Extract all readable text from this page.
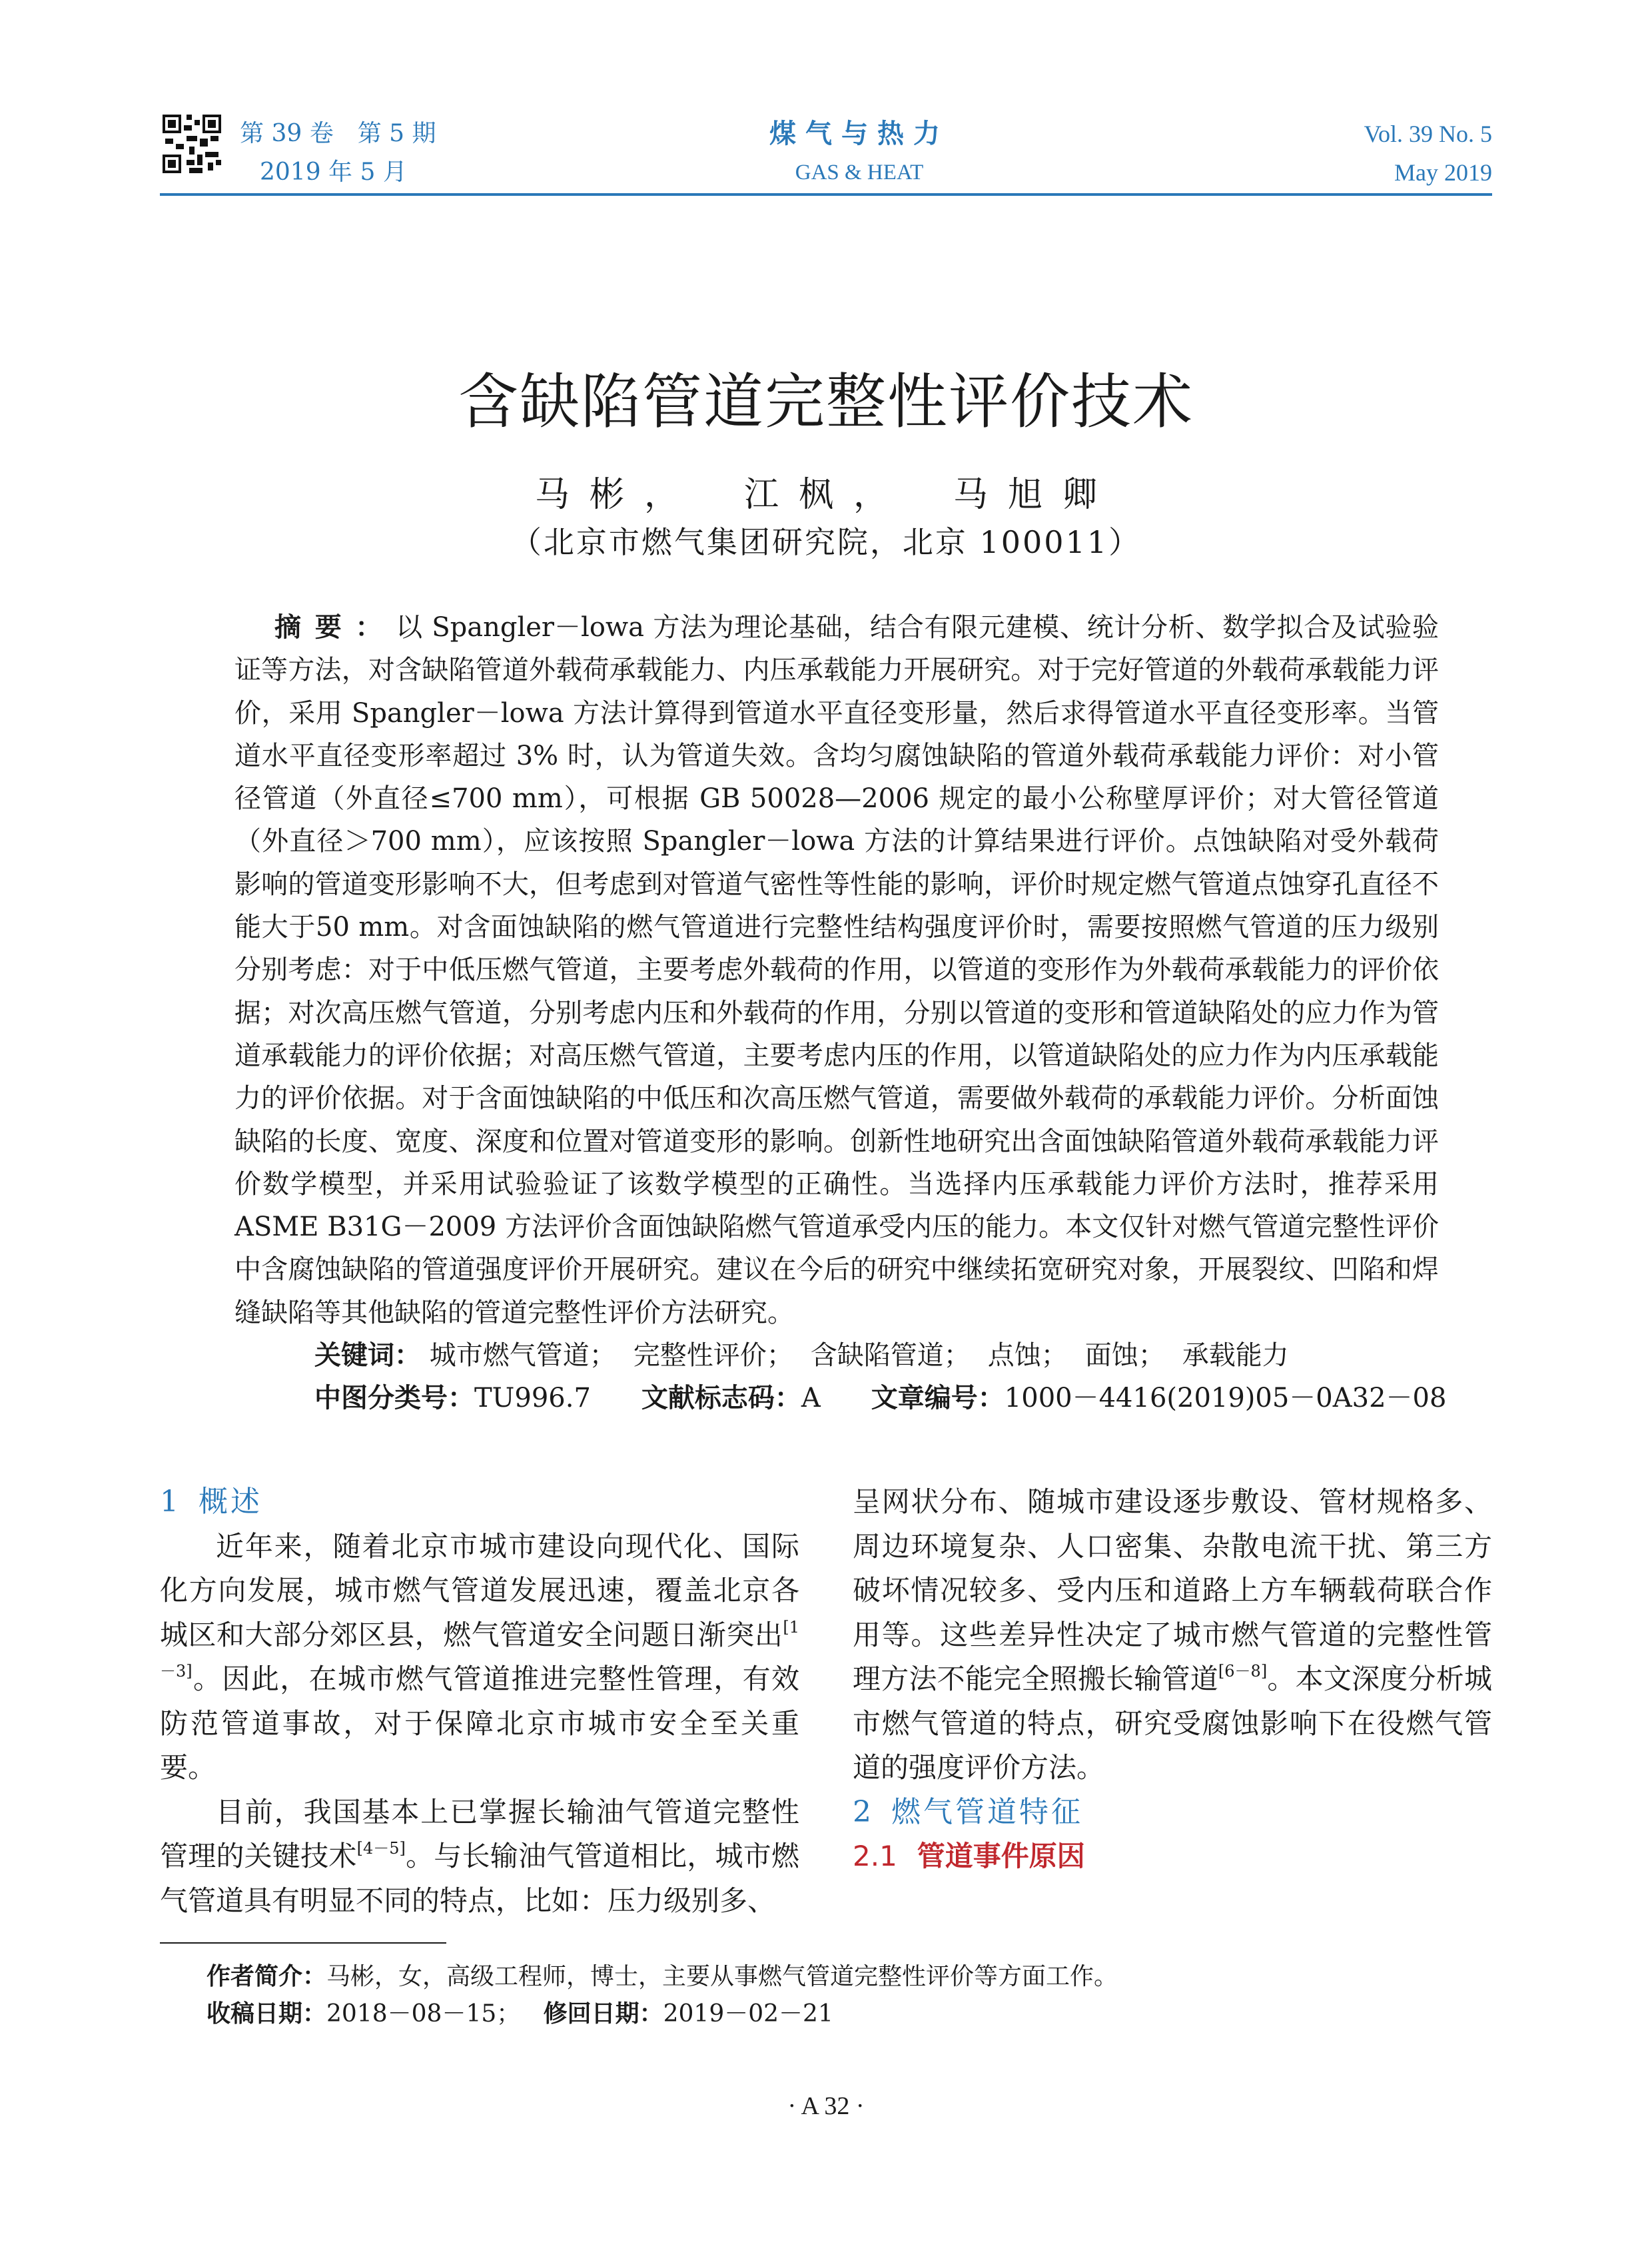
第 39 卷　第 5 期
2019 年 5 月
煤气与热力
GAS & HEAT
Vol. 39 No. 5
May 2019
含缺陷管道完整性评价技术
马彬， 江枫， 马旭卿
（北京市燃气集团研究院，北京 100011）

摘要：以 Spangler－lowa 方法为理论基础，结合有限元建模、统计分析、数学拟合及试验验证等方法，对含缺陷管道外载荷承载能力、内压承载能力开展研究。对于完好管道的外载荷承载能力评价，采用 Spangler－lowa 方法计算得到管道水平直径变形量，然后求得管道水平直径变形率。当管道水平直径变形率超过 3% 时，认为管道失效。含均匀腐蚀缺陷的管道外载荷承载能力评价：对小管径管道（外直径≤700 mm），可根据 GB 50028—2006 规定的最小公称壁厚评价；对大管径管道（外直径＞700 mm），应该按照 Spangler－lowa 方法的计算结果进行评价。点蚀缺陷对受外载荷影响的管道变形影响不大，但考虑到对管道气密性等性能的影响，评价时规定燃气管道点蚀穿孔直径不能大于50 mm。对含面蚀缺陷的燃气管道进行完整性结构强度评价时，需要按照燃气管道的压力级别分别考虑：对于中低压燃气管道，主要考虑外载荷的作用，以管道的变形作为外载荷承载能力的评价依据；对次高压燃气管道，分别考虑内压和外载荷的作用，分别以管道的变形和管道缺陷处的应力作为管道承载能力的评价依据；对高压燃气管道，主要考虑内压的作用，以管道缺陷处的应力作为内压承载能力的评价依据。对于含面蚀缺陷的中低压和次高压燃气管道，需要做外载荷的承载能力评价。分析面蚀缺陷的长度、宽度、深度和位置对管道变形的影响。创新性地研究出含面蚀缺陷管道外载荷承载能力评价数学模型，并采用试验验证了该数学模型的正确性。当选择内压承载能力评价方法时，推荐采用 ASME B31G－2009 方法评价含面蚀缺陷燃气管道承受内压的能力。本文仅针对燃气管道完整性评价中含腐蚀缺陷的管道强度评价开展研究。建议在今后的研究中继续拓宽研究对象，开展裂纹、凹陷和焊缝缺陷等其他缺陷的管道完整性评价方法研究。

关键词： 城市燃气管道； 完整性评价； 含缺陷管道； 点蚀； 面蚀； 承载能力

中图分类号：TU996.7 文献标志码：A 文章编号：1000－4416(2019)05－0A32－08

1 概述

近年来，随着北京市城市建设向现代化、国际化方向发展，城市燃气管道发展迅速，覆盖北京各城区和大部分郊区县，燃气管道安全问题日渐突出[1－3]。因此，在城市燃气管道推进完整性管理，有效防范管道事故，对于保障北京市城市安全至关重要。

目前，我国基本上已掌握长输油气管道完整性管理的关键技术[4－5]。与长输油气管道相比，城市燃气管道具有明显不同的特点，比如：压力级别多、

呈网状分布、随城市建设逐步敷设、管材规格多、周边环境复杂、人口密集、杂散电流干扰、第三方破坏情况较多、受内压和道路上方车辆载荷联合作用等。这些差异性决定了城市燃气管道的完整性管理方法不能完全照搬长输管道[6－8]。本文深度分析城市燃气管道的特点，研究受腐蚀影响下在役燃气管道的强度评价方法。

2 燃气管道特征

2.1 管道事件原因

作者简介：马彬，女，高级工程师，博士，主要从事燃气管道完整性评价等方面工作。

收稿日期：2018－08－15； 修回日期：2019－02－21

· A 32 ·
